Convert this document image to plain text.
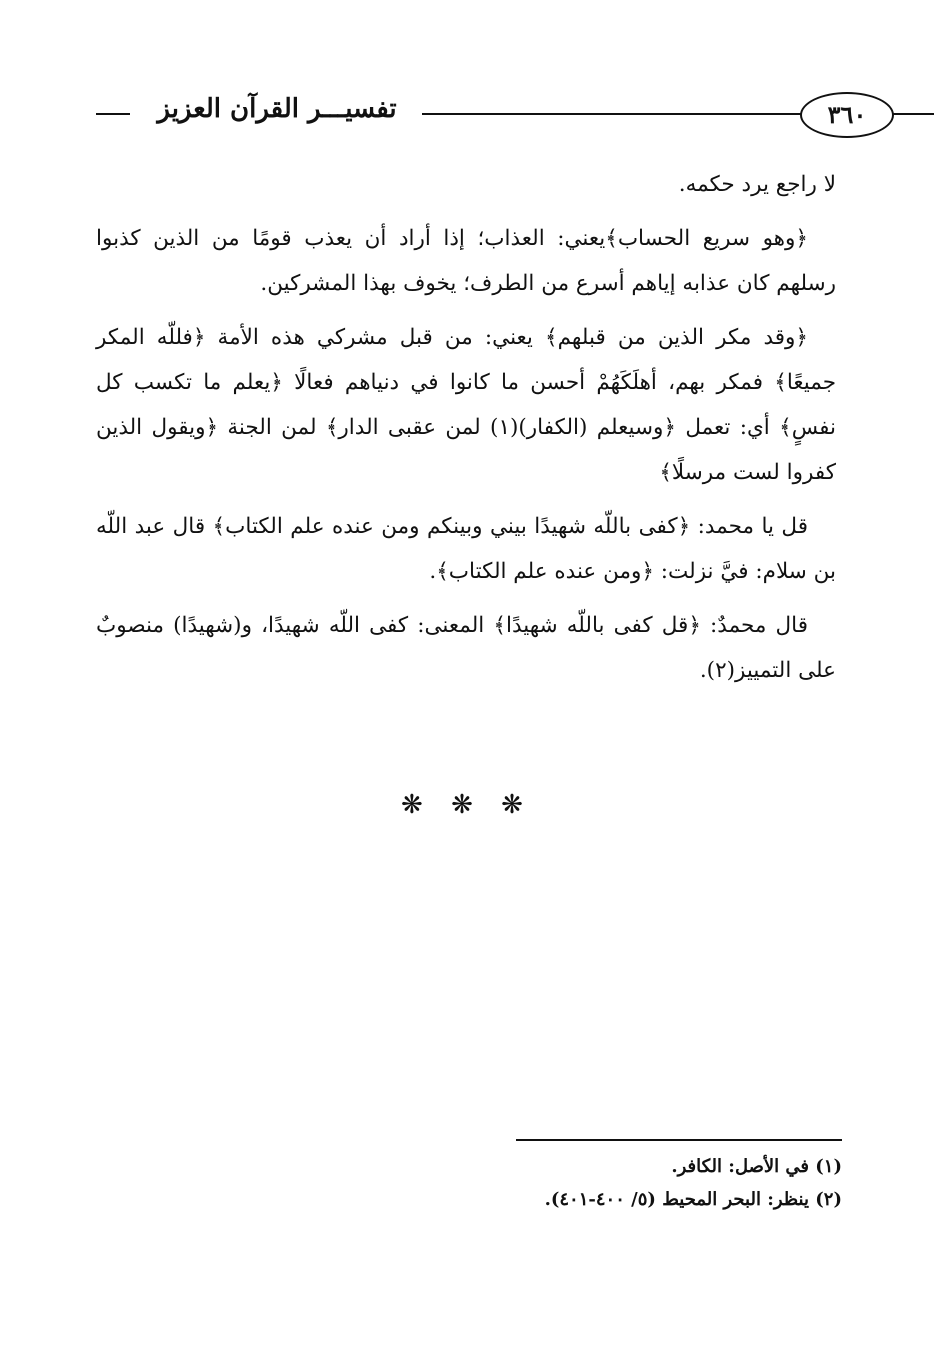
تفسيـــر القرآن العزيز	٣٦٠

لا راجع يرد حكمه.

﴿وهو سريع الحساب﴾يعني: العذاب؛ إذا أراد أن يعذب قومًا من الذين كذبوا رسلهم كان عذابه إياهم أسرع من الطرف؛ يخوف بهذا المشركين.

﴿وقد مكر الذين من قبلهم﴾ يعني: من قبل مشركي هذه الأمة ﴿فللّه المكر جميعًا﴾ فمكر بهم، أهلَكَهُمْ أحسن ما كانوا في دنياهم فعالًا ﴿يعلم ما تكسب كل نفسٍ﴾ أي: تعمل ﴿وسيعلم (الكفار)(١) لمن عقبى الدار﴾ لمن الجنة ﴿ويقول الذين كفروا لست مرسلًا﴾

قل يا محمد: ﴿كفى باللّه شهيدًا بيني وبينكم ومن عنده علم الكتاب﴾ قال عبد اللّه بن سلام: فيَّ نزلت: ﴿ومن عنده علم الكتاب﴾.

قال محمدٌ: ﴿قل كفى باللّه شهيدًا﴾ المعنى: كفى اللّه شهيدًا، و(شهيدًا) منصوبٌ على التمييز(٢).

❋ ❋ ❋
(١) في الأصل: الكافر.
(٢) ينظر: البحر المحيط (٥/ ٤٠٠-٤٠١).
